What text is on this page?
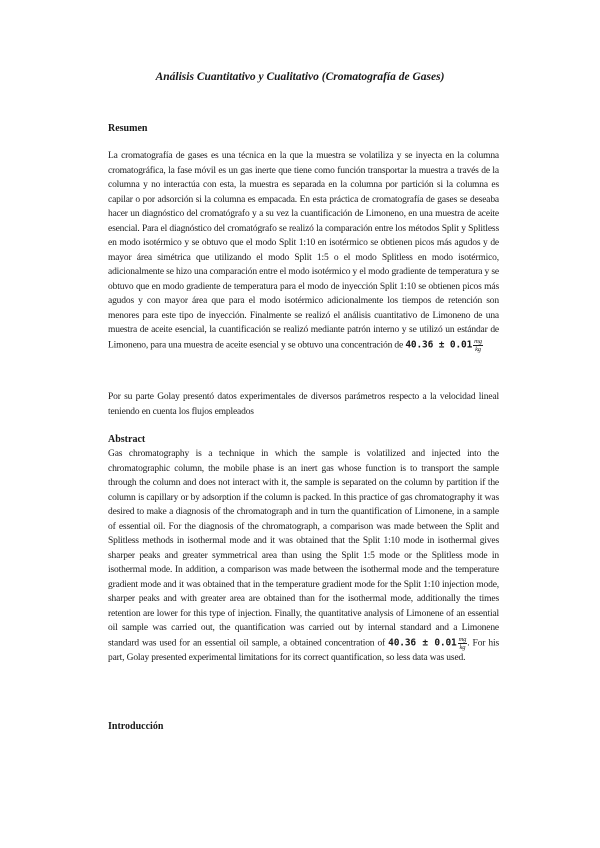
Análisis Cuantitativo y Cualitativo (Cromatografía de Gases)
Resumen

La cromatografía de gases es una técnica en la que la muestra se volatiliza y se inyecta en la columna cromatográfica, la fase móvil es un gas inerte que tiene como función transportar la muestra a través de la columna y no interactúa con esta, la muestra es separada en la columna por partición si la columna es capilar o por adsorción si la columna es empacada. En esta práctica de cromatografía de gases se deseaba hacer un diagnóstico del cromatógrafo y a su vez la cuantificación de Limoneno, en una muestra de aceite esencial. Para el diagnóstico del cromatógrafo se realizó la comparación entre los métodos Split y Splitless en modo isotérmico y se obtuvo que el modo Split 1:10 en isotérmico se obtienen picos más agudos y de mayor área simétrica que utilizando el modo Split 1:5 o el modo Splitless en modo isotérmico, adicionalmente se hizo una comparación entre el modo isotérmico y el modo gradiente de temperatura y se obtuvo que en modo gradiente de temperatura para el modo de inyección Split 1:10 se obtienen picos más agudos y con mayor área que para el modo isotérmico adicionalmente los tiempos de retención son menores para este tipo de inyección. Finalmente se realizó el análisis cuantitativo de Limoneno de una muestra de aceite esencial, la cuantificación se realizó mediante patrón interno y se utilizó un estándar de Limoneno, para una muestra de aceite esencial y se obtuvo una concentración de $40.36 \pm 0.01 \frac{mg}{kg}$

Por su parte Golay presentó datos experimentales de diversos parámetros respecto a la velocidad lineal teniendo en cuenta los flujos empleados

Abstract

Gas chromatography is a technique in which the sample is volatilized and injected into the chromatographic column, the mobile phase is an inert gas whose function is to transport the sample through the column and does not interact with it, the sample is separated on the column by partition if the column is capillary or by adsorption if the column is packed. In this practice of gas chromatography it was desired to make a diagnosis of the chromatograph and in turn the quantification of Limonene, in a sample of essential oil. For the diagnosis of the chromatograph, a comparison was made between the Split and Splitless methods in isothermal mode and it was obtained that the Split 1:10 mode in isothermal gives sharper peaks and greater symmetrical area than using the Split 1:5 mode or the Splitless mode in isothermal mode. In addition, a comparison was made between the isothermal mode and the temperature gradient mode and it was obtained that in the temperature gradient mode for the Split 1:10 injection mode, sharper peaks and with greater area are obtained than for the isothermal mode, additionally the times retention are lower for this type of injection. Finally, the quantitative analysis of Limonene of an essential oil sample was carried out, the quantification was carried out by internal standard and a Limonene standard was used for an essential oil sample, a obtained concentration of $40.36 \pm 0.01 \frac{mg}{kg}$ . For his part, Golay presented experimental limitations for its correct quantification, so less data was used.

Introducción
